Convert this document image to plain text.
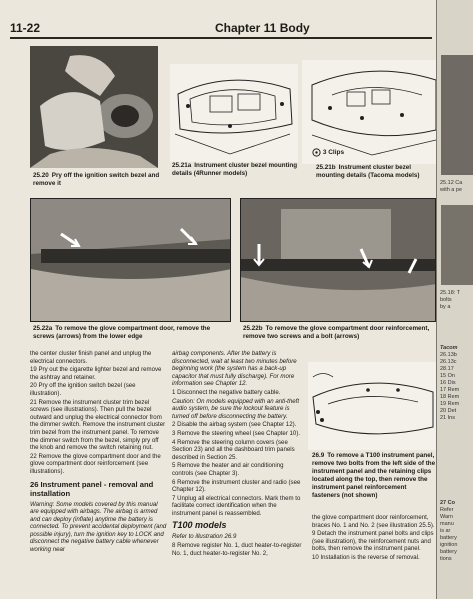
11-22	Chapter 11 Body
25.20 Pry off the ignition switch bezel and remove it
25.21a Instrument cluster bezel mounting details (4Runner models)
3 Clips
25.21b Instrument cluster bezel mounting details (Tacoma models)
25.22a To remove the glove compartment door, remove the screws (arrows) from the lower edge
25.22b To remove the glove compartment door reinforcement, remove two screws and a bolt (arrows)

the center cluster finish panel and unplug the electrical connectors.

19 Pry out the cigarette lighter bezel and remove the ashtray and retainer.

20 Pry off the ignition switch bezel (see illustration).

21 Remove the instrument cluster trim bezel screws (see illustrations). Then pull the bezel outward and unplug the electrical connector from the dimmer switch. Remove the instrument cluster trim bezel from the instrument panel. To remove the dimmer switch from the bezel, simply pry off the knob and remove the switch retaining nut.

22 Remove the glove compartment door and the glove compartment door reinforcement (see illustrations).

26 Instrument panel - removal and installation

Warning: Some models covered by this manual are equipped with airbags. The airbag is armed and can deploy (inflate) anytime the battery is connected. To prevent accidental deployment (and possible injury), turn the ignition key to LOCK and disconnect the negative battery cable whenever working near

airbag components. After the battery is disconnected, wait at least two minutes before beginning work (the system has a back-up capacitor that must fully discharge). For more information see Chapter 12.

1 Disconnect the negative battery cable.

Caution: On models equipped with an anti-theft audio system, be sure the lockout feature is turned off before disconnecting the battery.

2 Disable the airbag system (see Chapter 12).

3 Remove the steering wheel (see Chapter 10).

4 Remove the steering column covers (see Section 23) and all the dashboard trim panels described in Section 25.

5 Remove the heater and air conditioning controls (see Chapter 3).

6 Remove the instrument cluster and radio (see Chapter 12).

7 Unplug all electrical connectors. Mark them to facilitate correct identification when the instrument panel is reassembled.

T100 models

Refer to illustration 26.9

8 Remove register No. 1, duct heater-to-register No. 1, duct heater-to-register No. 2,

26.9 To remove a T100 instrument panel, remove two bolts from the left side of the instrument panel and the retaining clips located along the top, then remove the instrument panel reinforcement fasteners (not shown)

the glove compartment door reinforcement, braces No. 1 and No. 2 (see illustration 25.5).

9 Detach the instrument panel bolts and clips (see illustration), the reinforcement nuts and bolts, then remove the instrument panel.

10 Installation is the reverse of removal.

25.12 Ca
with a pe
25.18: T
bolts
by a
Tacom
26.13b
26.13c
28.17
15 On
16 Dis
17 Rem
18 Rem
19 Rem
20 Det
21 Ins
27 Co
Refer
Warn
manu
is ar
battery
ignition
battery
tions
